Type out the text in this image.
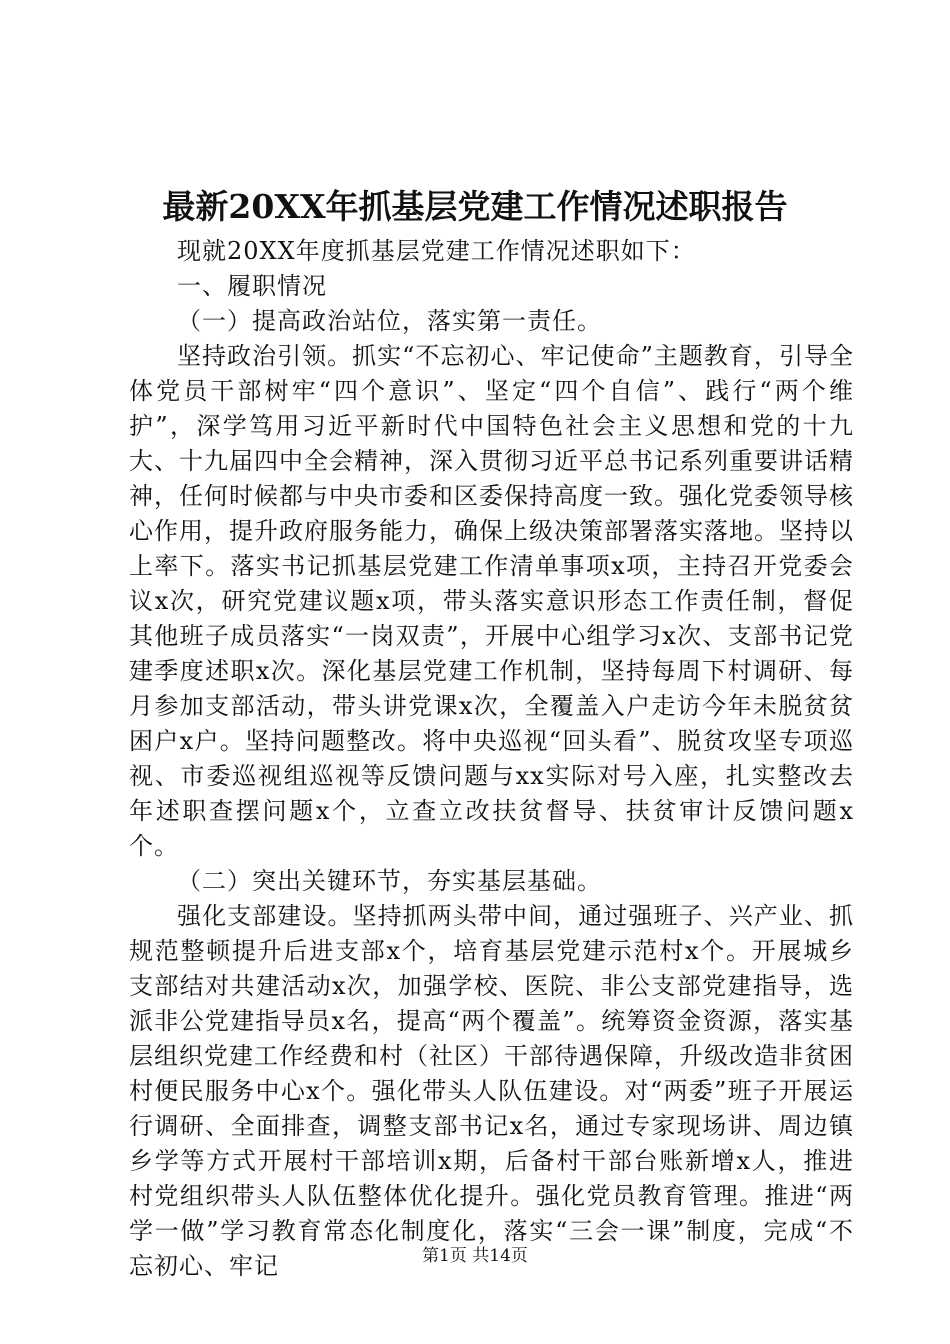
最新20XX年抓基层党建工作情况述职报告

现就20XX年度抓基层党建工作情况述职如下：

一、履职情况

（一）提高政治站位，落实第一责任。

坚持政治引领。抓实“不忘初心、牢记使命”主题教育，引导全体党员干部树牢“四个意识”、坚定“四个自信”、践行“两个维护”，深学笃用习近平新时代中国特色社会主义思想和党的十九大、十九届四中全会精神，深入贯彻习近平总书记系列重要讲话精神，任何时候都与中央市委和区委保持高度一致。强化党委领导核心作用，提升政府服务能力，确保上级决策部署落实落地。坚持以上率下。落实书记抓基层党建工作清单事项x项，主持召开党委会议x次，研究党建议题x项，带头落实意识形态工作责任制，督促其他班子成员落实“一岗双责”，开展中心组学习x次、支部书记党建季度述职x次。深化基层党建工作机制，坚持每周下村调研、每月参加支部活动，带头讲党课x次，全覆盖入户走访今年未脱贫贫困户x户。坚持问题整改。将中央巡视“回头看”、脱贫攻坚专项巡视、市委巡视组巡视等反馈问题与xx实际对号入座，扎实整改去年述职查摆问题x个，立查立改扶贫督导、扶贫审计反馈问题x个。

（二）突出关键环节，夯实基层基础。

强化支部建设。坚持抓两头带中间，通过强班子、兴产业、抓规范整顿提升后进支部x个，培育基层党建示范村x个。开展城乡支部结对共建活动x次，加强学校、医院、非公支部党建指导，选派非公党建指导员x名，提高“两个覆盖”。统筹资金资源，落实基层组织党建工作经费和村（社区）干部待遇保障，升级改造非贫困村便民服务中心x个。强化带头人队伍建设。对“两委”班子开展运行调研、全面排查，调整支部书记x名，通过专家现场讲、周边镇乡学等方式开展村干部培训x期，后备村干部台账新增x人，推进村党组织带头人队伍整体优化提升。强化党员教育管理。推进“两学一做”学习教育常态化制度化，落实“三会一课”制度，完成“不忘初心、牢记	第1页 共14页
